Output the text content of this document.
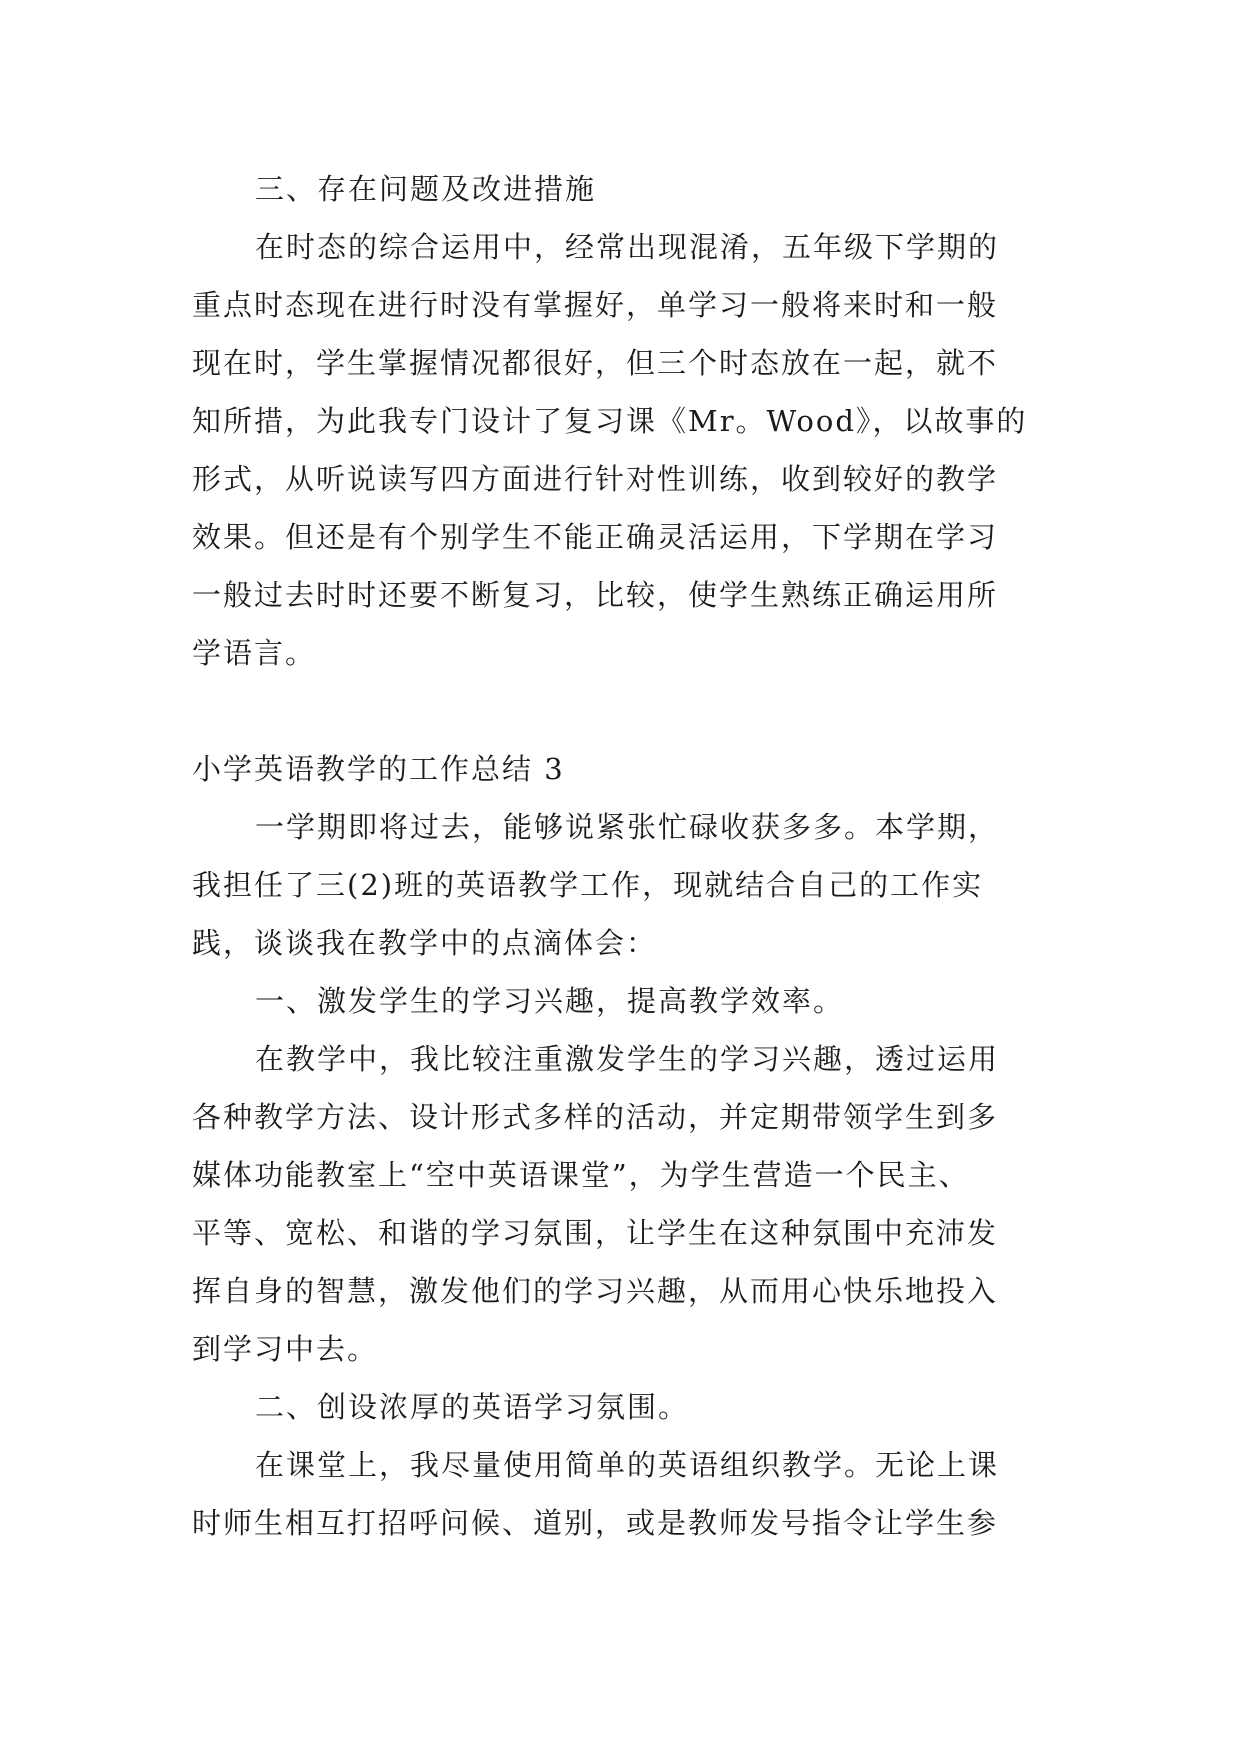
三、存在问题及改进措施
在时态的综合运用中，经常出现混淆，五年级下学期的
重点时态现在进行时没有掌握好，单学习一般将来时和一般
现在时，学生掌握情况都很好，但三个时态放在一起，就不
知所措，为此我专门设计了复习课《Mr。Wood》，以故事的
形式，从听说读写四方面进行针对性训练，收到较好的教学
效果。但还是有个别学生不能正确灵活运用，下学期在学习
一般过去时时还要不断复习，比较，使学生熟练正确运用所
学语言。
小学英语教学的工作总结 3
一学期即将过去，能够说紧张忙碌收获多多。本学期，
我担任了三(2)班的英语教学工作，现就结合自己的工作实
践，谈谈我在教学中的点滴体会：
一、激发学生的学习兴趣，提高教学效率。
在教学中，我比较注重激发学生的学习兴趣，透过运用
各种教学方法、设计形式多样的活动，并定期带领学生到多
媒体功能教室上“空中英语课堂”，为学生营造一个民主、
平等、宽松、和谐的学习氛围，让学生在这种氛围中充沛发
挥自身的智慧，激发他们的学习兴趣，从而用心快乐地投入
到学习中去。
二、创设浓厚的英语学习氛围。
在课堂上，我尽量使用简单的英语组织教学。无论上课
时师生相互打招呼问候、道别，或是教师发号指令让学生参
